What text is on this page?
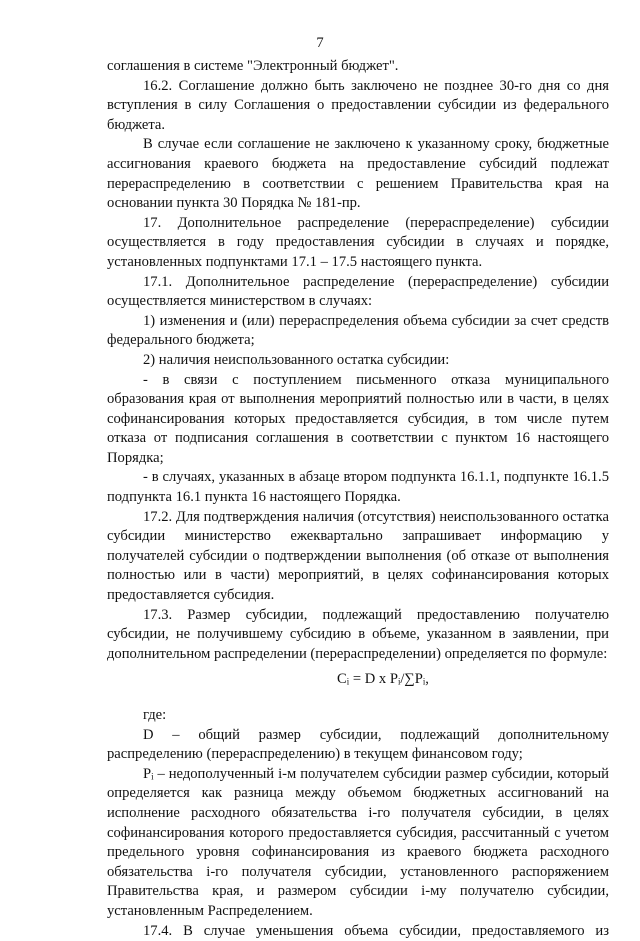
7

соглашения в системе "Электронный бюджет".

16.2. Соглашение должно быть заключено не позднее 30-го дня со дня вступления в силу Соглашения о предоставлении субсидии из федерального бюджета.

В случае если соглашение не заключено к указанному сроку, бюджетные ассигнования краевого бюджета на предоставление субсидий подлежат перераспределению в соответствии с решением Правительства края на основании пункта 30 Порядка № 181-пр.

17. Дополнительное распределение (перераспределение) субсидии осуществляется в году предоставления субсидии в случаях и порядке, установленных подпунктами 17.1 – 17.5 настоящего пункта.

17.1. Дополнительное распределение (перераспределение) субсидии осуществляется министерством в случаях:

1) изменения и (или) перераспределения объема субсидии за счет средств федерального бюджета;

2) наличия неиспользованного остатка субсидии:

- в связи с поступлением письменного отказа муниципального образования края от выполнения мероприятий полностью или в части, в целях софинансирования которых предоставляется субсидия, в том числе путем отказа от подписания соглашения в соответствии с пунктом 16 настоящего Порядка;

- в случаях, указанных в абзаце втором подпункта 16.1.1, подпункте 16.1.5 подпункта 16.1 пункта 16 настоящего Порядка.

17.2. Для подтверждения наличия (отсутствия) неиспользованного остатка субсидии министерство ежеквартально запрашивает информацию у получателей субсидии о подтверждении выполнения (об отказе от выполнения полностью или в части) мероприятий, в целях софинансирования которых предоставляется субсидия.

17.3. Размер субсидии, подлежащий предоставлению получателю субсидии, не получившему субсидию в объеме, указанном в заявлении, при дополнительном распределении (перераспределении) определяется по формуле:

Cᵢ = D x Pᵢ/∑Pᵢ,

где:

D – общий размер субсидии, подлежащий дополнительному распределению (перераспределению) в текущем финансовом году;

Pᵢ – недополученный i-м получателем субсидии размер субсидии, который определяется как разница между объемом бюджетных ассигнований на исполнение расходного обязательства i-го получателя субсидии, в целях софинансирования которого предоставляется субсидия, рассчитанный с учетом предельного уровня софинансирования из краевого бюджета расходного обязательства i-го получателя субсидии, установленного распоряжением Правительства края, и размером субсидии i-му получателю субсидии, установленным Распределением.

17.4. В случае уменьшения объема субсидии, предоставляемого из
